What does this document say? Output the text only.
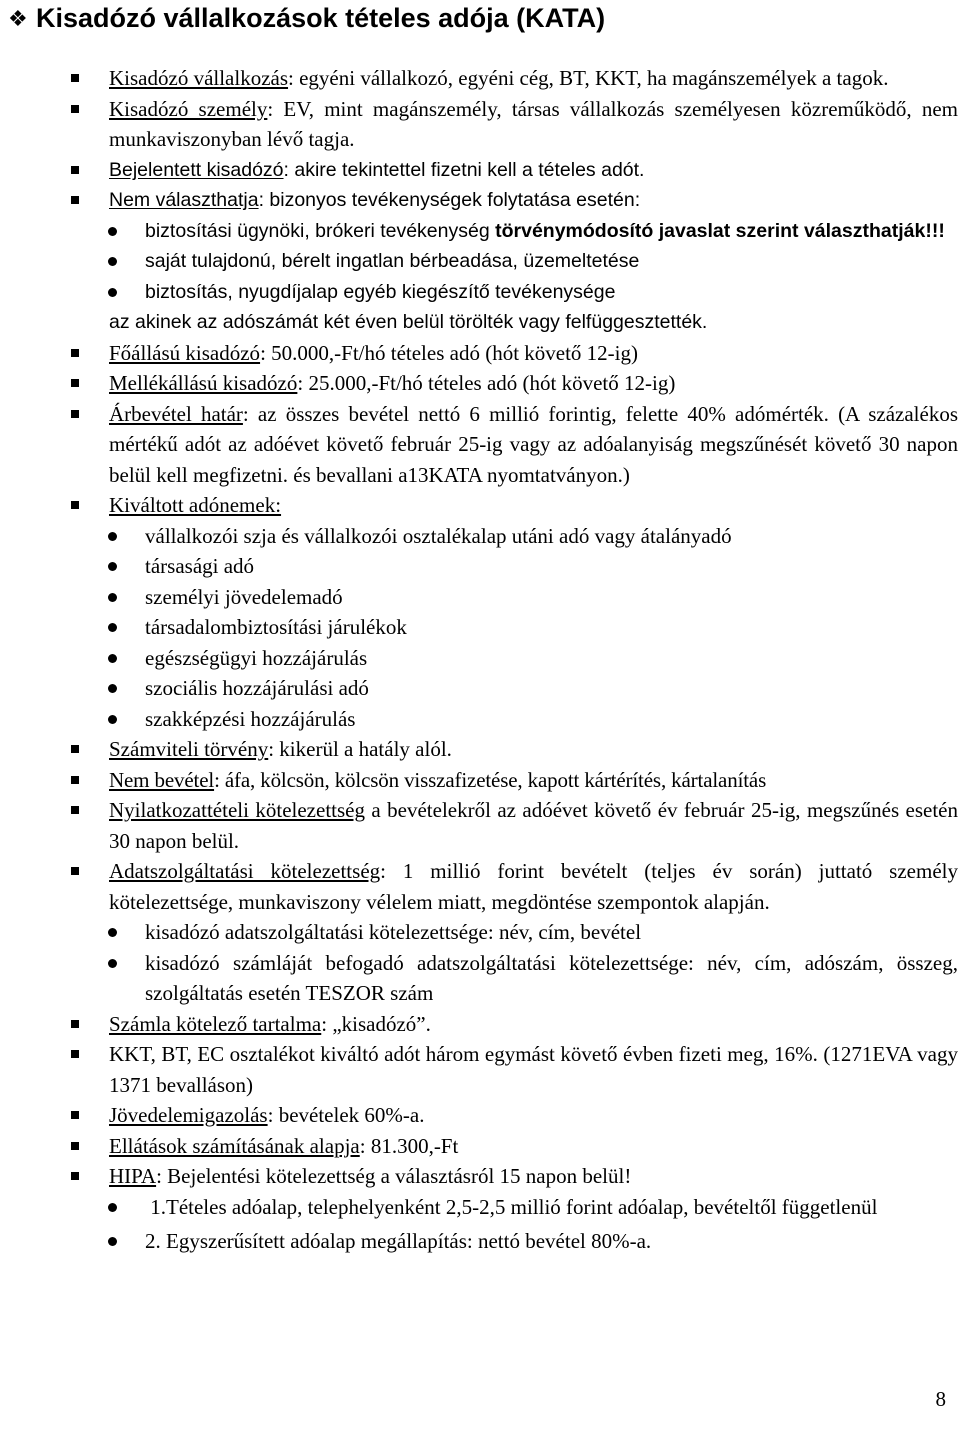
❖ Kisadózó vállalkozások tételes adója (KATA)
Kisadózó vállalkozás: egyéni vállalkozó, egyéni cég, BT, KKT, ha magánszemélyek a tagok.
Kisadózó személy: EV, mint magánszemély, társas vállalkozás személyesen közreműködő, nem munkaviszonyban lévő tagja.
Bejelentett kisadózó: akire tekintettel fizetni kell a tételes adót.
Nem választhatja: bizonyos tevékenységek folytatása esetén:
biztosítási ügynöki, brókeri tevékenység törvénymódosító javaslat szerint választhatják!!!
saját tulajdonú, bérelt ingatlan bérbeadása, üzemeltetése
biztosítás, nyugdíjalap egyéb kiegészítő tevékenysége
az akinek az adószámát két éven belül törölték vagy felfüggesztették.
Főállású kisadózó: 50.000,-Ft/hó tételes adó (hót követő 12-ig)
Mellékállású kisadózó: 25.000,-Ft/hó tételes adó (hót követő 12-ig)
Árbevétel határ: az összes bevétel nettó 6 millió forintig, felette 40% adómérték. (A százalékos mértékű adót az adóévet követő február 25-ig vagy az adóalanyiság megszűnését követő 30 napon belül kell megfizetni. és bevallani a13KATA nyomtatványon.)
Kiváltott adónemek:
vállalkozói szja és vállalkozói osztalékalap utáni adó vagy átalányadó
társasági adó
személyi jövedelemadó
társadalombiztosítási járulékok
egészségügyi hozzájárulás
szociális hozzájárulási adó
szakképzési hozzájárulás
Számviteli törvény: kikerül a hatály alól.
Nem bevétel: áfa, kölcsön, kölcsön visszafizetése, kapott kártérítés, kártalanítás
Nyilatkozattételi kötelezettség a bevételekről az adóévet követő év február 25-ig, megszűnés esetén 30 napon belül.
Adatszolgáltatási kötelezettség: 1 millió forint bevételt (teljes év során) juttató személy kötelezettsége, munkaviszony vélelem miatt, megdöntése szempontok alapján.
kisadózó adatszolgáltatási kötelezettsége: név, cím, bevétel
kisadózó számláját befogadó adatszolgáltatási kötelezettsége: név, cím, adószám, összeg, szolgáltatás esetén TESZOR szám
Számla kötelező tartalma: „kisadózó”.
KKT, BT, EC osztalékot kiváltó adót három egymást követő évben fizeti meg, 16%. (1271EVA vagy 1371 bevalláson)
Jövedelemigazolás: bevételek 60%-a.
Ellátások számításának alapja: 81.300,-Ft
HIPA: Bejelentési kötelezettség a választásról 15 napon belül!
1.Tételes adóalap, telephelyenként 2,5-2,5 millió forint adóalap, bevételtől függetlenül
2. Egyszerűsített adóalap megállapítás: nettó bevétel 80%-a.
8
